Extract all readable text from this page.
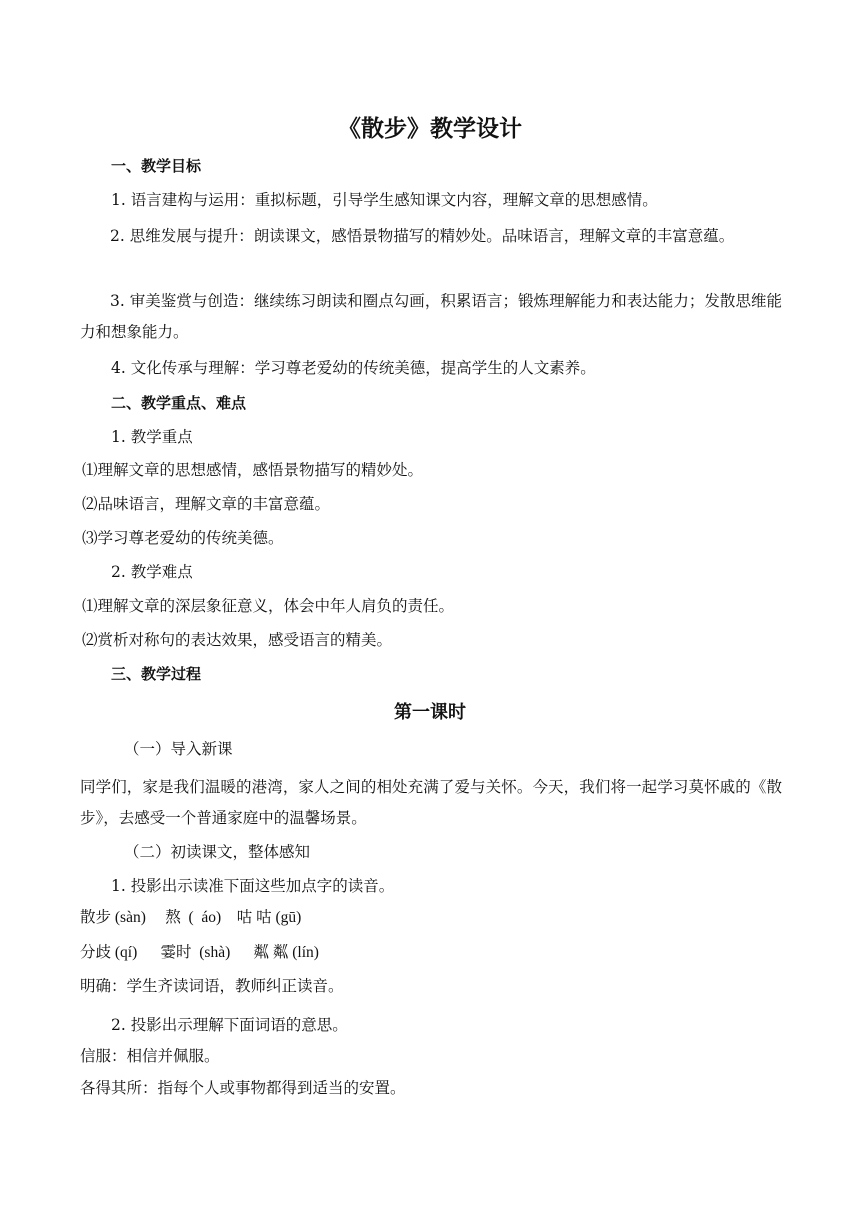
《散步》教学设计
一、教学目标
1. 语言建构与运用：重拟标题，引导学生感知课文内容，理解文章的思想感情。
2. 思维发展与提升：朗读课文，感悟景物描写的精妙处。品味语言，理解文章的丰富意蕴。
3. 审美鉴赏与创造：继续练习朗读和圈点勾画，积累语言；锻炼理解能力和表达能力；发散思维能力和想象能力。
4. 文化传承与理解：学习尊老爱幼的传统美德，提高学生的人文素养。
二、教学重点、难点
1. 教学重点
⑴理解文章的思想感情，感悟景物描写的精妙处。
⑵品味语言，理解文章的丰富意蕴。
⑶学习尊老爱幼的传统美德。
2. 教学难点
⑴理解文章的深层象征意义，体会中年人肩负的责任。
⑵赏析对称句的表达效果，感受语言的精美。
三、教学过程
第一课时
（一）导入新课
同学们，家是我们温暖的港湾，家人之间的相处充满了爱与关怀。今天，我们将一起学习莫怀戚的《散步》，去感受一个普通家庭中的温馨场景。
（二）初读课文，整体感知
1. 投影出示读准下面这些加点字的读音。
散步 (sàn)     熬  (  áo)    咕 咕 (gū)
分歧 (qí)      霎时  (shà)      粼 粼 (lín)
明确：学生齐读词语，教师纠正读音。
2. 投影出示理解下面词语的意思。
信服：相信并佩服。
各得其所：指每个人或事物都得到适当的安置。
